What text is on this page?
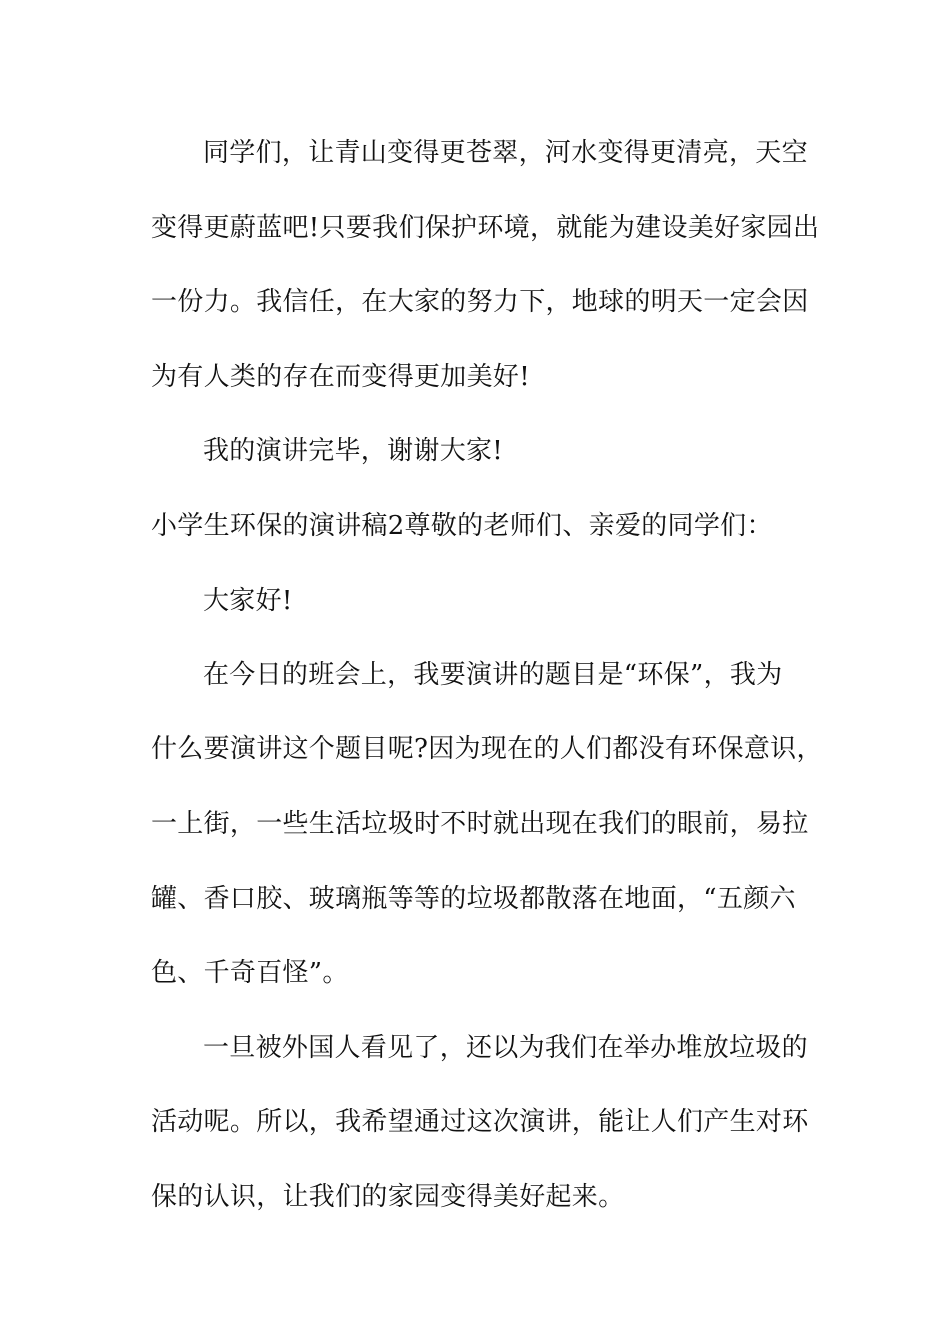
同学们，让青山变得更苍翠，河水变得更清亮，天空
变得更蔚蓝吧!只要我们保护环境，就能为建设美好家园出
一份力。我信任，在大家的努力下，地球的明天一定会因
为有人类的存在而变得更加美好!
我的演讲完毕，谢谢大家!
小学生环保的演讲稿2尊敬的老师们、亲爱的同学们：
大家好!
在今日的班会上，我要演讲的题目是“环保”，我为
什么要演讲这个题目呢?因为现在的人们都没有环保意识，
一上街，一些生活垃圾时不时就出现在我们的眼前，易拉
罐、香口胶、玻璃瓶等等的垃圾都散落在地面，“五颜六
色、千奇百怪”。
一旦被外国人看见了，还以为我们在举办堆放垃圾的
活动呢。所以，我希望通过这次演讲，能让人们产生对环
保的认识，让我们的家园变得美好起来。
